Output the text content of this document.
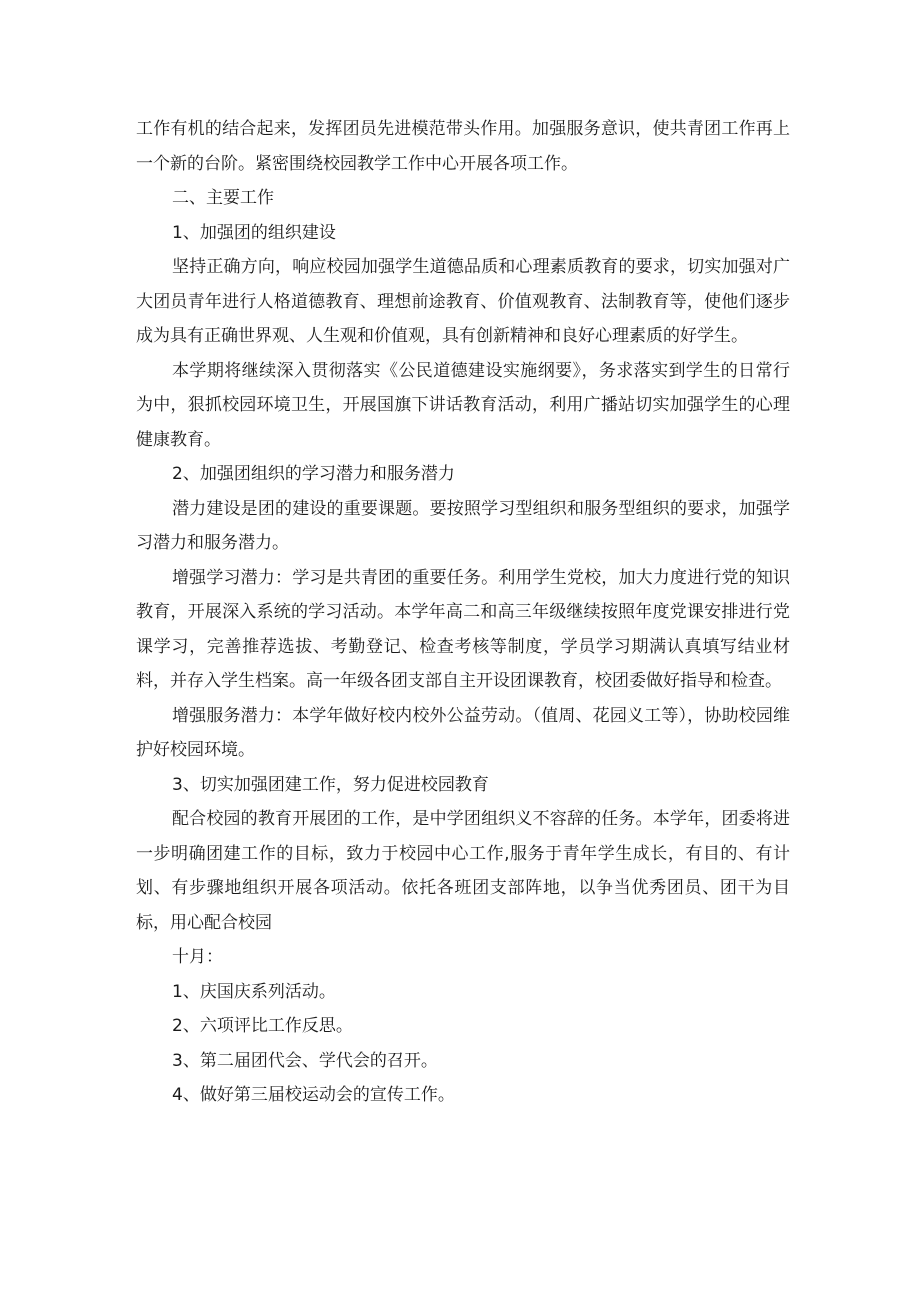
工作有机的结合起来，发挥团员先进模范带头作用。加强服务意识，使共青团工作再上一个新的台阶。紧密围绕校园教学工作中心开展各项工作。

二、主要工作

1、加强团的组织建设

坚持正确方向，响应校园加强学生道德品质和心理素质教育的要求，切实加强对广大团员青年进行人格道德教育、理想前途教育、价值观教育、法制教育等，使他们逐步成为具有正确世界观、人生观和价值观，具有创新精神和良好心理素质的好学生。

本学期将继续深入贯彻落实《公民道德建设实施纲要》，务求落实到学生的日常行为中，狠抓校园环境卫生，开展国旗下讲话教育活动，利用广播站切实加强学生的心理健康教育。

2、加强团组织的学习潜力和服务潜力

潜力建设是团的建设的重要课题。要按照学习型组织和服务型组织的要求，加强学习潜力和服务潜力。

增强学习潜力：学习是共青团的重要任务。利用学生党校，加大力度进行党的知识教育，开展深入系统的学习活动。本学年高二和高三年级继续按照年度党课安排进行党课学习，完善推荐选拔、考勤登记、检查考核等制度，学员学习期满认真填写结业材料，并存入学生档案。高一年级各团支部自主开设团课教育，校团委做好指导和检查。

增强服务潜力：本学年做好校内校外公益劳动。（值周、花园义工等），协助校园维护好校园环境。

3、切实加强团建工作，努力促进校园教育

配合校园的教育开展团的工作，是中学团组织义不容辞的任务。本学年，团委将进一步明确团建工作的目标，致力于校园中心工作,服务于青年学生成长，有目的、有计划、有步骤地组织开展各项活动。依托各班团支部阵地，以争当优秀团员、团干为目标，用心配合校园

十月：

1、庆国庆系列活动。

2、六项评比工作反思。

3、第二届团代会、学代会的召开。

4、做好第三届校运动会的宣传工作。
